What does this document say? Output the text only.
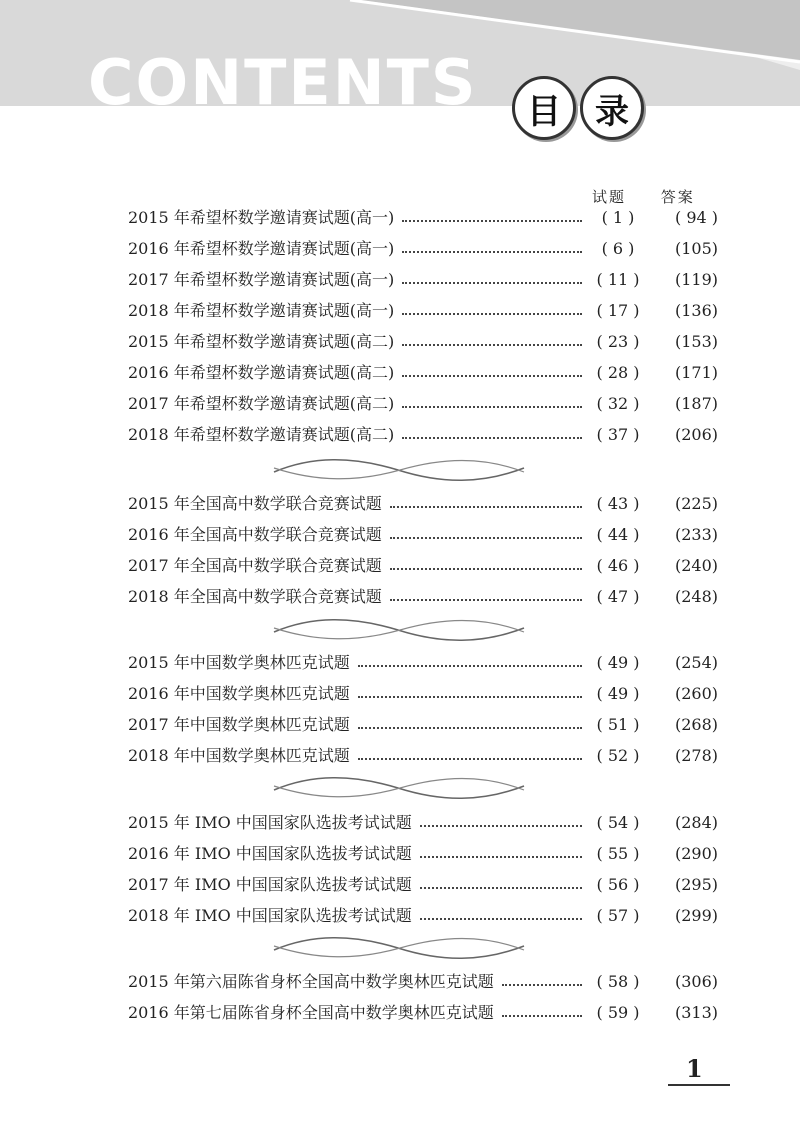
CONTENTS	目	录
试题 答案
2015 年希望杯数学邀请赛试题(高一)	( 1 )	( 94 )
2016 年希望杯数学邀请赛试题(高一)	( 6 )	(105)
2017 年希望杯数学邀请赛试题(高一)	( 11 )	(119)
2018 年希望杯数学邀请赛试题(高一)	( 17 )	(136)
2015 年希望杯数学邀请赛试题(高二)	( 23 )	(153)
2016 年希望杯数学邀请赛试题(高二)	( 28 )	(171)
2017 年希望杯数学邀请赛试题(高二)	( 32 )	(187)
2018 年希望杯数学邀请赛试题(高二)	( 37 )	(206)
2015 年全国高中数学联合竞赛试题	( 43 )	(225)
2016 年全国高中数学联合竞赛试题	( 44 )	(233)
2017 年全国高中数学联合竞赛试题	( 46 )	(240)
2018 年全国高中数学联合竞赛试题	( 47 )	(248)
2015 年中国数学奥林匹克试题	( 49 )	(254)
2016 年中国数学奥林匹克试题	( 49 )	(260)
2017 年中国数学奥林匹克试题	( 51 )	(268)
2018 年中国数学奥林匹克试题	( 52 )	(278)
2015 年 IMO 中国国家队选拔考试试题	( 54 )	(284)
2016 年 IMO 中国国家队选拔考试试题	( 55 )	(290)
2017 年 IMO 中国国家队选拔考试试题	( 56 )	(295)
2018 年 IMO 中国国家队选拔考试试题	( 57 )	(299)
2015 年第六届陈省身杯全国高中数学奥林匹克试题	( 58 )	(306)
2016 年第七届陈省身杯全国高中数学奥林匹克试题	( 59 )	(313)
1
